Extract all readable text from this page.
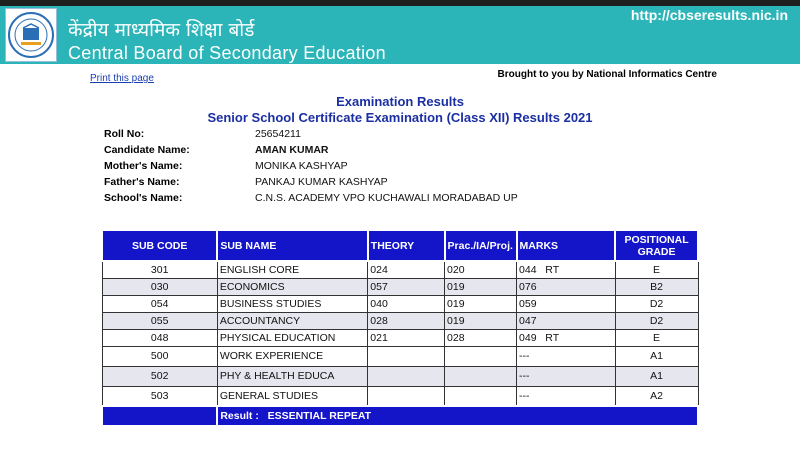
केंद्रीय माध्यमिक शिक्षा बोर्ड
Central Board of Secondary Education
http://cbseresults.nic.in
Print this page	Brought to you by National Informatics Centre
Examination Results
Senior School Certificate Examination (Class XII) Results 2021
Roll No:	25654211
Candidate Name:	AMAN KUMAR
Mother's Name:	MONIKA KASHYAP
Father's Name:	PANKAJ KUMAR KASHYAP
School's Name:	C.N.S. ACADEMY VPO KUCHAWALI MORADABAD UP
SUB CODE	SUB NAME	THEORY	Prac./IA/Proj.	MARKS	POSITIONAL GRADE
301	ENGLISH CORE	024	020	044   RT	E
030	ECONOMICS	057	019	076	B2
054	BUSINESS STUDIES	040	019	059	D2
055	ACCOUNTANCY	028	019	047	D2
048	PHYSICAL EDUCATION	021	028	049   RT	E
500	WORK EXPERIENCE			---	A1
502	PHY & HEALTH EDUCA			---	A1
503	GENERAL STUDIES			---	A2
	Result :   ESSENTIAL REPEAT				
